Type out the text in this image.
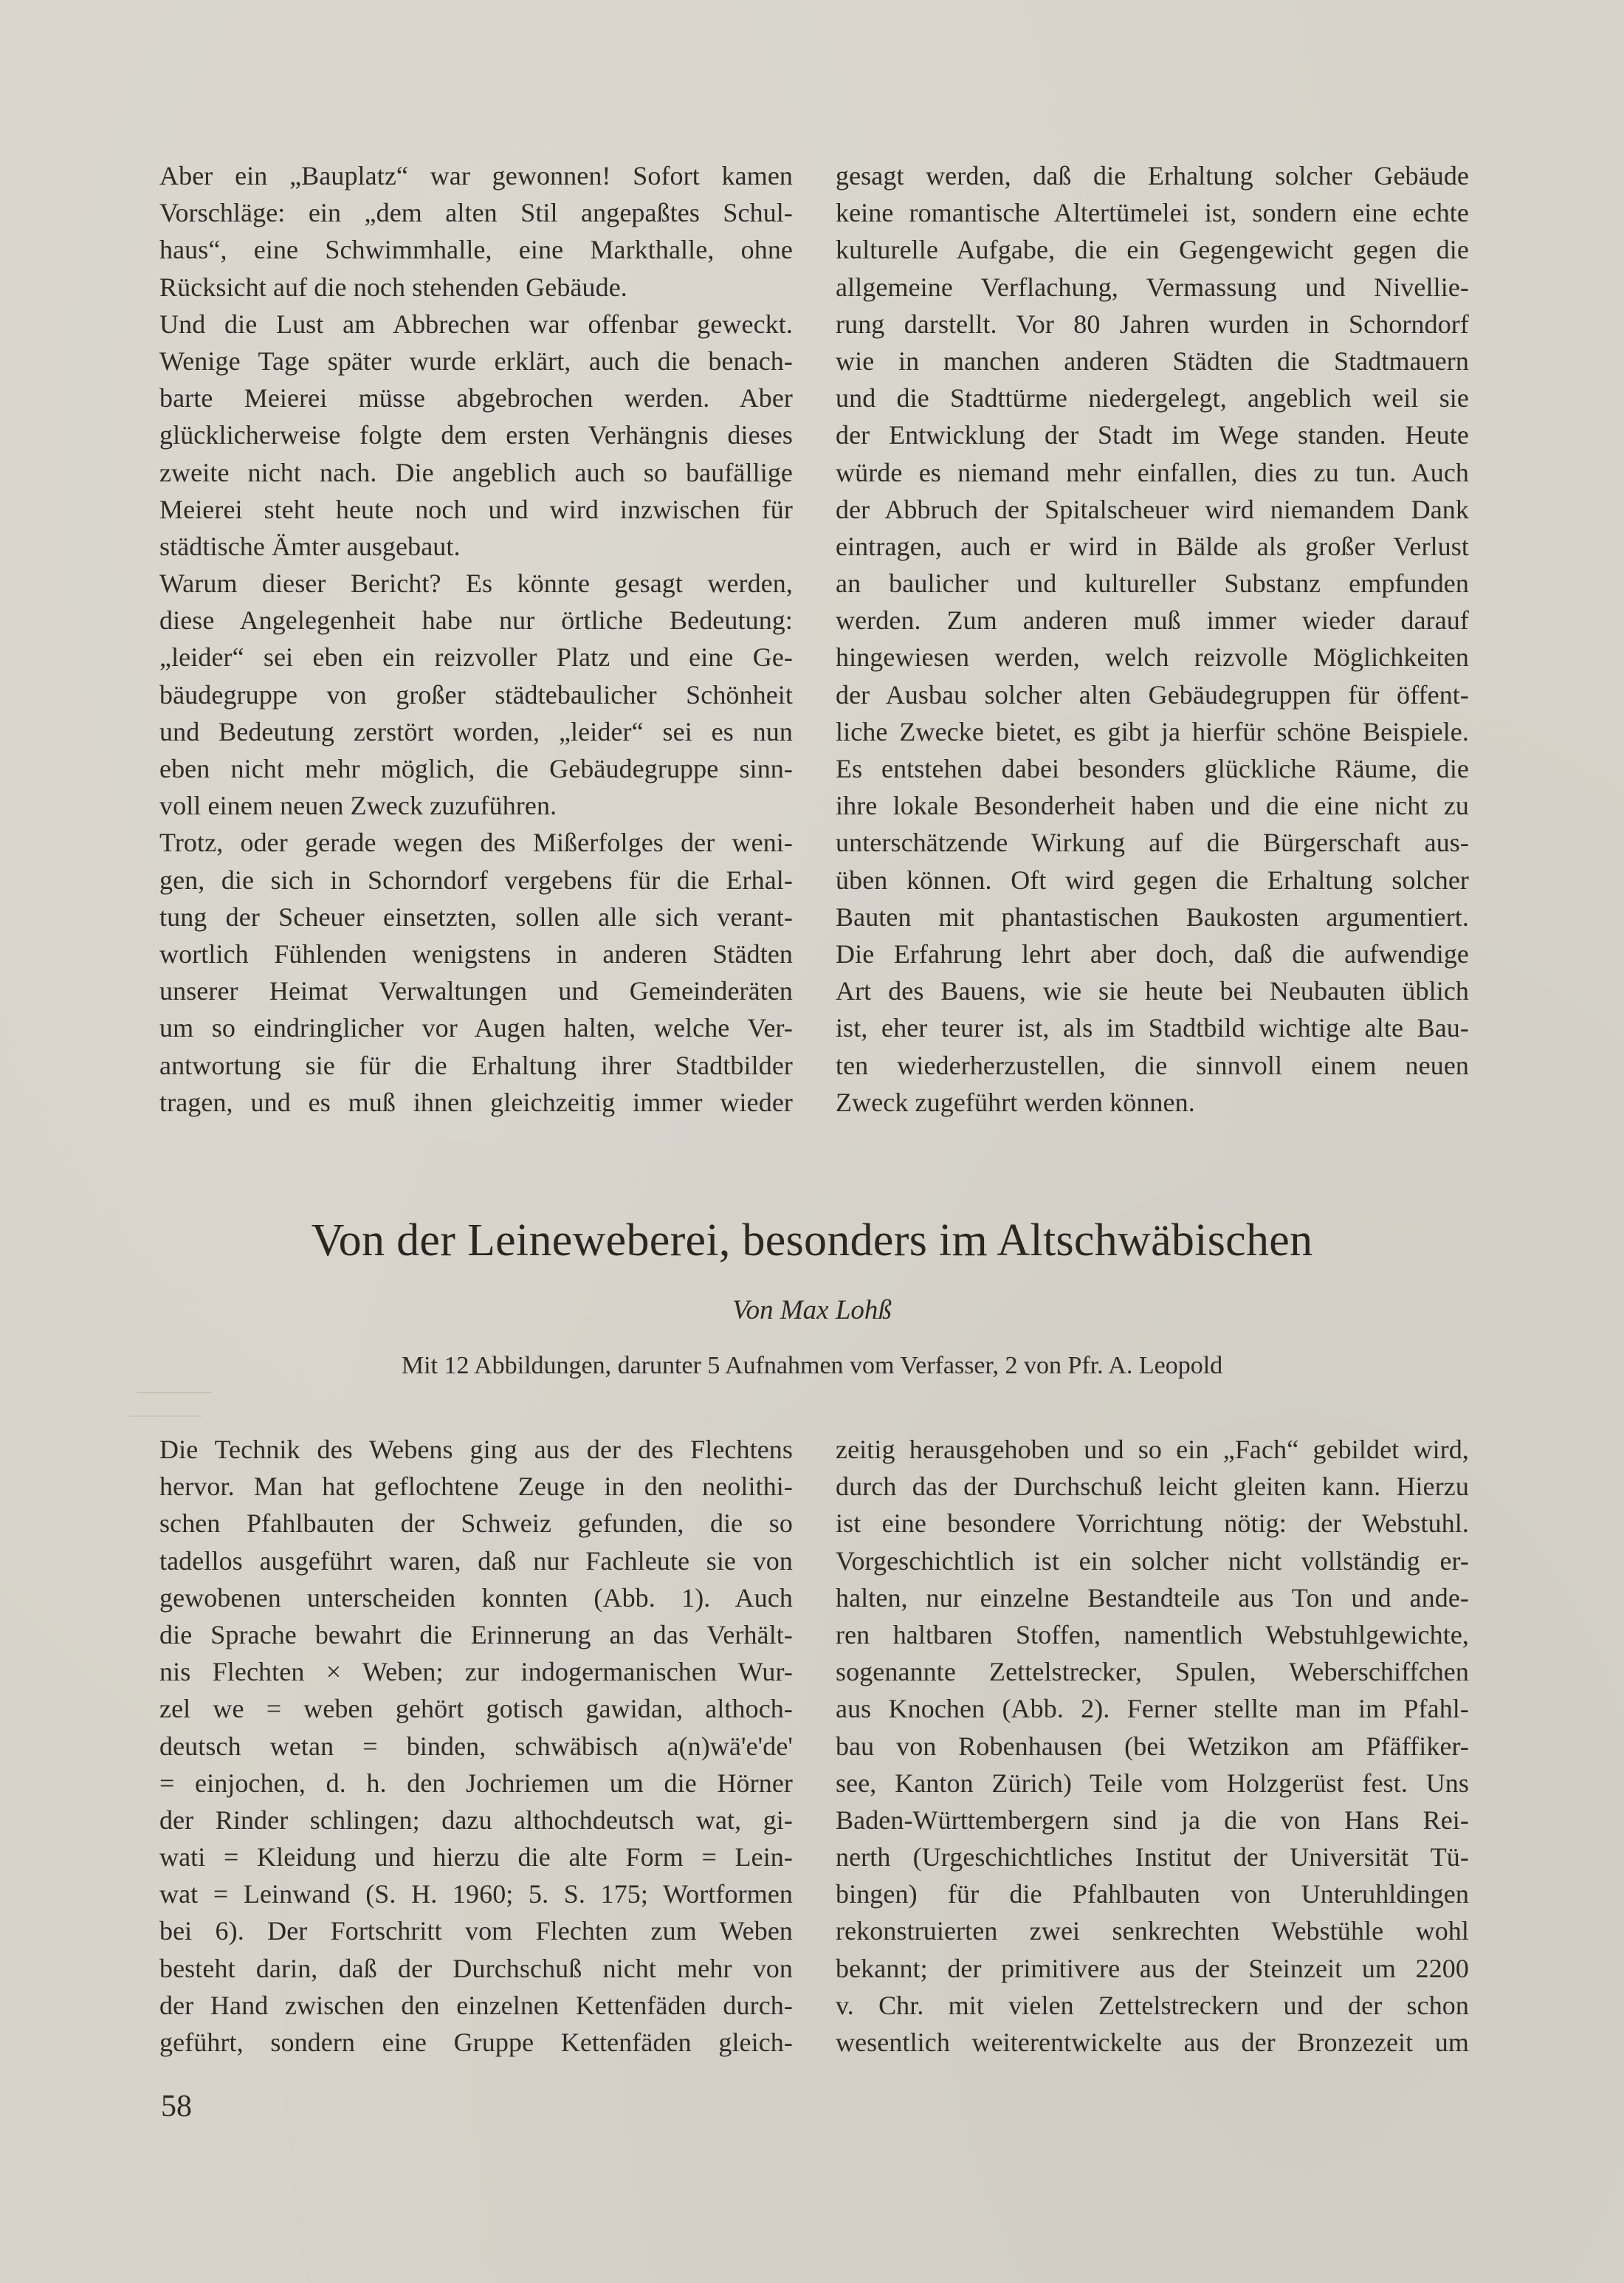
Aber ein „Bauplatz“ war gewonnen! Sofort kamen
Vorschläge: ein „dem alten Stil angepaßtes Schul-
haus“, eine Schwimmhalle, eine Markthalle, ohne
Rücksicht auf die noch stehenden Gebäude.
Und die Lust am Abbrechen war offenbar geweckt.
Wenige Tage später wurde erklärt, auch die benach-
barte Meierei müsse abgebrochen werden. Aber
glücklicherweise folgte dem ersten Verhängnis dieses
zweite nicht nach. Die angeblich auch so baufällige
Meierei steht heute noch und wird inzwischen für
städtische Ämter ausgebaut.
Warum dieser Bericht? Es könnte gesagt werden,
diese Angelegenheit habe nur örtliche Bedeutung:
„leider“ sei eben ein reizvoller Platz und eine Ge-
bäudegruppe von großer städtebaulicher Schönheit
und Bedeutung zerstört worden, „leider“ sei es nun
eben nicht mehr möglich, die Gebäudegruppe sinn-
voll einem neuen Zweck zuzuführen.
Trotz, oder gerade wegen des Mißerfolges der weni-
gen, die sich in Schorndorf vergebens für die Erhal-
tung der Scheuer einsetzten, sollen alle sich verant-
wortlich Fühlenden wenigstens in anderen Städten
unserer Heimat Verwaltungen und Gemeinderäten
um so eindringlicher vor Augen halten, welche Ver-
antwortung sie für die Erhaltung ihrer Stadtbilder
tragen, und es muß ihnen gleichzeitig immer wieder
gesagt werden, daß die Erhaltung solcher Gebäude
keine romantische Altertümelei ist, sondern eine echte
kulturelle Aufgabe, die ein Gegengewicht gegen die
allgemeine Verflachung, Vermassung und Nivellie-
rung darstellt. Vor 80 Jahren wurden in Schorndorf
wie in manchen anderen Städten die Stadtmauern
und die Stadttürme niedergelegt, angeblich weil sie
der Entwicklung der Stadt im Wege standen. Heute
würde es niemand mehr einfallen, dies zu tun. Auch
der Abbruch der Spitalscheuer wird niemandem Dank
eintragen, auch er wird in Bälde als großer Verlust
an baulicher und kultureller Substanz empfunden
werden. Zum anderen muß immer wieder darauf
hingewiesen werden, welch reizvolle Möglichkeiten
der Ausbau solcher alten Gebäudegruppen für öffent-
liche Zwecke bietet, es gibt ja hierfür schöne Beispiele.
Es entstehen dabei besonders glückliche Räume, die
ihre lokale Besonderheit haben und die eine nicht zu
unterschätzende Wirkung auf die Bürgerschaft aus-
üben können. Oft wird gegen die Erhaltung solcher
Bauten mit phantastischen Baukosten argumentiert.
Die Erfahrung lehrt aber doch, daß die aufwendige
Art des Bauens, wie sie heute bei Neubauten üblich
ist, eher teurer ist, als im Stadtbild wichtige alte Bau-
ten wiederherzustellen, die sinnvoll einem neuen
Zweck zugeführt werden können.
Von der Leineweberei, besonders im Altschwäbischen
Von Max Lohß
Mit 12 Abbildungen, darunter 5 Aufnahmen vom Verfasser, 2 von Pfr. A. Leopold
Die Technik des Webens ging aus der des Flechtens
hervor. Man hat geflochtene Zeuge in den neolithi-
schen Pfahlbauten der Schweiz gefunden, die so
tadellos ausgeführt waren, daß nur Fachleute sie von
gewobenen unterscheiden konnten (Abb. 1). Auch
die Sprache bewahrt die Erinnerung an das Verhält-
nis Flechten × Weben; zur indogermanischen Wur-
zel we = weben gehört gotisch gawidan, althoch-
deutsch wetan = binden, schwäbisch a(n)wä'e'de'
= einjochen, d. h. den Jochriemen um die Hörner
der Rinder schlingen; dazu althochdeutsch wat, gi-
wati = Kleidung und hierzu die alte Form = Lein-
wat = Leinwand (S. H. 1960; 5. S. 175; Wortformen
bei 6). Der Fortschritt vom Flechten zum Weben
besteht darin, daß der Durchschuß nicht mehr von
der Hand zwischen den einzelnen Kettenfäden durch-
geführt, sondern eine Gruppe Kettenfäden gleich-
zeitig herausgehoben und so ein „Fach“ gebildet wird,
durch das der Durchschuß leicht gleiten kann. Hierzu
ist eine besondere Vorrichtung nötig: der Webstuhl.
Vorgeschichtlich ist ein solcher nicht vollständig er-
halten, nur einzelne Bestandteile aus Ton und ande-
ren haltbaren Stoffen, namentlich Webstuhlgewichte,
sogenannte Zettelstrecker, Spulen, Weberschiffchen
aus Knochen (Abb. 2). Ferner stellte man im Pfahl-
bau von Robenhausen (bei Wetzikon am Pfäffiker-
see, Kanton Zürich) Teile vom Holzgerüst fest. Uns
Baden-Württembergern sind ja die von Hans Rei-
nerth (Urgeschichtliches Institut der Universität Tü-
bingen) für die Pfahlbauten von Unteruhldingen
rekonstruierten zwei senkrechten Webstühle wohl
bekannt; der primitivere aus der Steinzeit um 2200
v. Chr. mit vielen Zettelstreckern und der schon
wesentlich weiterentwickelte aus der Bronzezeit um
58
